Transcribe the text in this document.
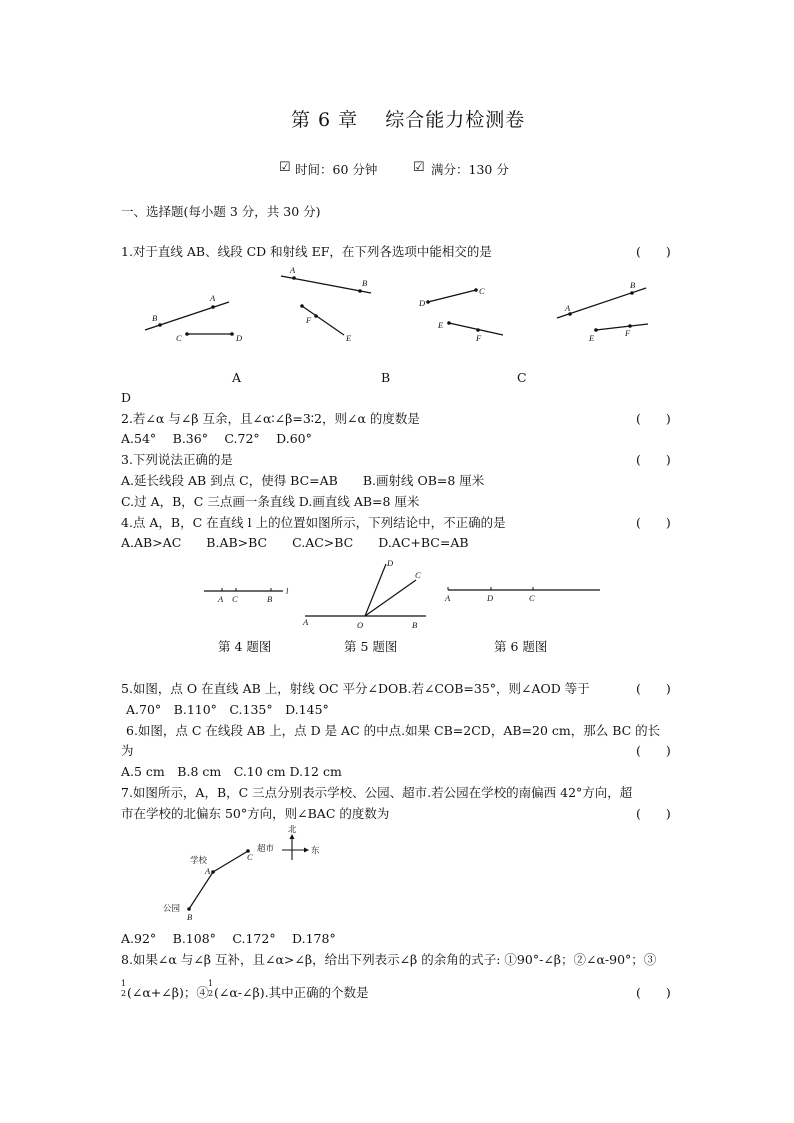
第 6 章　 综合能力检测卷
☑ 时间：60 分钟	☑ 满分：130 分
一、选择题(每小题 3 分，共 30 分)
1.对于直线 AB、线段 CD 和射线 EF，在下列各选项中能相交的是	(　　)
B
A
C	D
A
B
F
E
D
C
E
F
A
B
E	F
A	B	C
D
2.若∠α 与∠β 互余，且∠α∶∠β=3∶2，则∠α 的度数是	(　　)
A.54°　 B.36°　 C.72°　 D.60°
3.下列说法正确的是	(　　)
A.延长线段 AB 到点 C，使得 BC=AB　　B.画射线 OB=8 厘米
C.过 A，B，C 三点画一条直线 D.画直线 AB=8 厘米
4.点 A，B，C 在直线 l 上的位置如图所示，下列结论中，不正确的是	(　　)
A.AB>AC　　B.AB>BC　　C.AC>BC　　D.AC+BC=AB
A C	B
l
D
C
A	O	B
A	D	C
第 4 题图	第 5 题图	第 6 题图
5.如图，点 O 在直线 AB 上，射线 OC 平分∠DOB.若∠COB=35°，则∠AOD 等于	(　　)
A.70°　B.110°　C.135°　D.145°
6.如图，点 C 在线段 AB 上，点 D 是 AC 的中点.如果 CB=2CD，AB=20 cm，那么 BC 的长
为	(　　)
A.5 cm　B.8 cm　C.10 cm D.12 cm
7.如图所示，A，B，C 三点分别表示学校、公园、超市.若公园在学校的南偏西 42°方向，超
市在学校的北偏东 50°方向，则∠BAC 的度数为	(　　)
学校
A
公园
B
C
超市
北
东
A.92°　 B.108°　 C.172°　 D.178°
8.如果∠α 与∠β 互补，且∠α>∠β，给出下列表示∠β 的余角的式子: ①90°-∠β；②∠α-90°；③
1
2 (∠α+∠β)；④
1
2 (∠α-∠β).其中正确的个数是	(　　)
